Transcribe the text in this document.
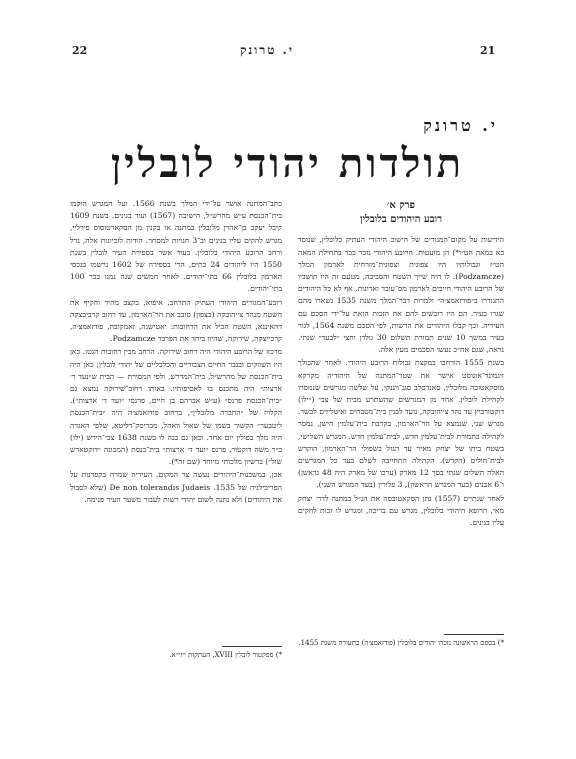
21
י. טרונק
22
י. טרונק
תולדות יהודי לובלין
פרק א׳
רובע היהודים בלובלין

הידיעות על מקום־המגורים של הישוב היהודי העתיק בלובלין, שנוסד בא במאה הט״ו*) הן מועטות. הרובע היהודי נזכר כבר בתחילת המאה הט״ז וגבולותיו היו צפונית וצפונית־מזרחית לארמון המלך (Podzamcze). לו היה שייך השטח והסביבה, מטעם זה היו תושביו של הרובע היהודי חייבים לארמון מס־עובד ואדונות. אף לא כל היהודים התגוררו ב״פודזאמצ׳ה״ ולמרות דבר־המלך משנת 1535 נשארו מהם שגרו בעיר. הם היו רוכשים להם את הזכות הזאת על־ידי הסכם עם העיריה. וכך קבלו היהודים את הרשות, לפי הסכם משנת 1564, לגור בעיר במשך 10 שנים תמורת תשלום 30 גולדן וחצי ״לבעד״ שנתי. נראה, שגם אח״כ נעשו הסכמים מעין אלה.

בשנת 1555 הורחבו במקצת גבולות הרובע היהודי. לאחר שהכולך זיגמונד־אוגוסט אישר את שטר־המתנה של היהודיה מקרקא מוסקאטובה מלובלין, סאנדסלב סגנ־ויננקי, על שלשה מגרשים שנמסרו לקהילת לובלין. אחד מן המגרשים שהשתרע מבית של צבי (״ילו) דוקטורביץ עד נהר צ׳יהובקה, נועד לבנין בית־מטבחים ואיטליזים לבשר. מגרש שני, שנמצא על הר־הארמון, בקרבת בית־עלמין הישן, נמסר לקהילה בתמורת לבית־עלמין חדש, לבית־עלמין חדש. המגרש השלישי, בשטח ביתו של יצחק מאיר עד הגזל בשפולי הר־הארמון, הוקדש לבית־חולים (הקדש). הקהילה התחייבה לשלם בעד כל המגרשים האלה תשלום שנתי בסך 12 מארק (ערכו של מארק היה 48 גראשן) ו־6 אבנים (בעד המגרש הראשון), 3 פלורין (בעד המגרש השני).

לאחר שנתיים (1557) נתן הסקאטובסה את הנ״ל במתנה לדר׳ יצחק מאי, הרופא היהודי בלובלין, מגרש עם בריכה, ומגרש לו זכות להקים עליו בנינים.

כתב־המתנה אושר על־ידי המלך בשנת 1566. ועל המגרש הוקמו בית־הכנסת ע״ש מהרש״ל, הישיבה (1567) ועוד בנינים. בשנת 1609 קיבל יעקב בן־אהרן מלובלין במתנה או בקנין מן הסקארטוסוס פירליי, מגרש להקים עליו בנינים וב־3 חנויות למסחר. הודות לזכיונות אלה, גדל ורחב הרובע היהודי בלובלין. בעוד אשר בספירת העיר לובלין בשנת 1550 היו ליהודים 24 בתים, הרי בספירה של 1602 נרשמו בנכסי הארמון בלובלין 66 בתי־יהודים. לאחר חמשים שנה נמנו כבר 100 בתי־יהודים.

רובע־המגורים היהודי העתיק התרחב, איפוא, בקצב מהיר והקיף את השטח מנהר צ׳יהובקה (בצפון) סובב את הר־הארמון, עד רחוב קרביבצקה דהאיננא, השטח הכיל את הרחובות: יאטישנה, זאמקובה, פודזאמצ׳ה, קרבייצקה, שירוקה, שהיוו ביחד את הפרבר Podzamcze.

מרכזו של הרובע היהודי היה רחוב שירוקה. הרחב מבין רחובות הגטו. כאן היו השווקים ובנבר החיים הצבוריים והכלכליים של יהודי לובלין; כאן היה בית־הכנסת של מהרש״ל, בית־המדרש, ולפי המסורת — הבית ש״נעד ד׳ ארצות״ היה מתכנס בו לאסיפותיו. באותו רחוב־שירוקה נמצא גם ״בית־הכנסת פרנס״ (ע״ש אברהם בן חיים, פרנסי ״ועד ד׳ ארצות״). הקלויז של ״החברה מלובלין״, ברחוב פודזאמצ׳ה היה ״בית־הכנסת ליטבער״ הקשור בשמו של שאול וואהל, מבריסק־דליטא, שלפי האגדה היה מלך בפולין יום אחד. וכאן גם בנה לו בשנת 1638 צבי־הירש (ילו) ב״ר משה דוקטור, פרנס ״ועד ד׳ ארצות״ בית־כנסת (המכונה ״דוקטארש שול״) ברשיון מלכותי מיוחד (שם זה*).

אכן, במשכנות־היהודים נעשה צר המקום. העיריה שמרה בקפדנות על הפריבילגיה של 1535. De non tolerandis Judaeis (שלא לסבול את היהודים) ולא נתנה לשום יהודי רשות לעבור משער העיר פנימה.

*) בספם הראשונה נזכרו יהודים בלובלין (פודזאמצ׳ה) בתעודה משנת 1455.
*) ספקטור לובלין XVIII, העתקות ייזי״א.
